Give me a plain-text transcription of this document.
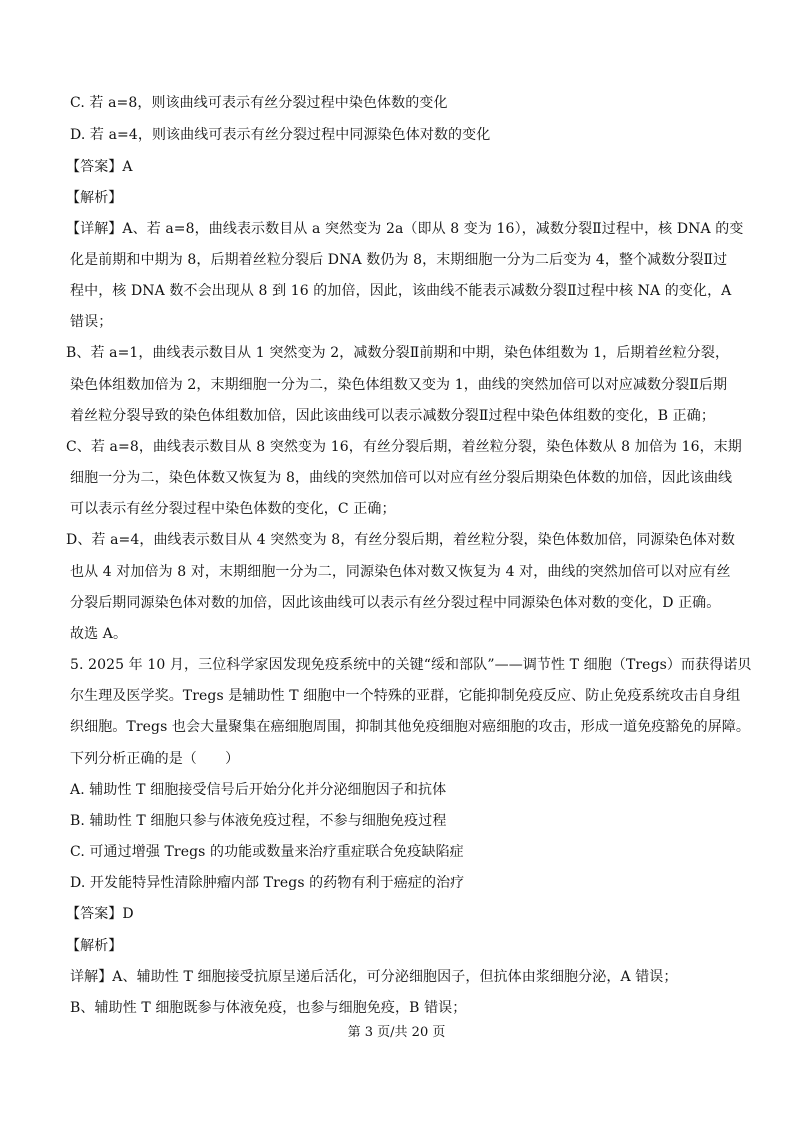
C. 若 a=8，则该曲线可表示有丝分裂过程中染色体数的变化
D. 若 a=4，则该曲线可表示有丝分裂过程中同源染色体对数的变化
【答案】A
【解析】
【详解】A、若 a=8，曲线表示数目从 a 突然变为 2a（即从 8 变为 16），减数分裂Ⅱ过程中，核 DNA 的变
化是前期和中期为 8，后期着丝粒分裂后 DNA 数仍为 8，末期细胞一分为二后变为 4，整个减数分裂Ⅱ过
程中，核 DNA 数不会出现从 8 到 16 的加倍，因此，该曲线不能表示减数分裂Ⅱ过程中核 NA 的变化，A
错误；
B、若 a=1，曲线表示数目从 1 突然变为 2，减数分裂Ⅱ前期和中期，染色体组数为 1，后期着丝粒分裂，
染色体组数加倍为 2，末期细胞一分为二，染色体组数又变为 1，曲线的突然加倍可以对应减数分裂Ⅱ后期
着丝粒分裂导致的染色体组数加倍，因此该曲线可以表示减数分裂Ⅱ过程中染色体组数的变化，B 正确；
C、若 a=8，曲线表示数目从 8 突然变为 16，有丝分裂后期，着丝粒分裂，染色体数从 8 加倍为 16，末期
细胞一分为二，染色体数又恢复为 8，曲线的突然加倍可以对应有丝分裂后期染色体数的加倍，因此该曲线
可以表示有丝分裂过程中染色体数的变化，C 正确；
D、若 a=4，曲线表示数目从 4 突然变为 8，有丝分裂后期，着丝粒分裂，染色体数加倍，同源染色体对数
也从 4 对加倍为 8 对，末期细胞一分为二，同源染色体对数又恢复为 4 对，曲线的突然加倍可以对应有丝
分裂后期同源染色体对数的加倍，因此该曲线可以表示有丝分裂过程中同源染色体对数的变化，D 正确。
故选 A。
5. 2025 年 10 月，三位科学家因发现免疫系统中的关键“绥和部队”——调节性 T 细胞（Tregs）而获得诺贝
尔生理及医学奖。Tregs 是辅助性 T 细胞中一个特殊的亚群，它能抑制免疫反应、防止免疫系统攻击自身组
织细胞。Tregs 也会大量聚集在癌细胞周围，抑制其他免疫细胞对癌细胞的攻击，形成一道免疫豁免的屏障。
下列分析正确的是（　　）
A. 辅助性 T 细胞接受信号后开始分化并分泌细胞因子和抗体
B. 辅助性 T 细胞只参与体液免疫过程，不参与细胞免疫过程
C. 可通过增强 Tregs 的功能或数量来治疗重症联合免疫缺陷症
D. 开发能特异性清除肿瘤内部 Tregs 的药物有利于癌症的治疗
【答案】D
【解析】
详解】A、辅助性 T 细胞接受抗原呈递后活化，可分泌细胞因子，但抗体由浆细胞分泌，A 错误；
B、辅助性 T 细胞既参与体液免疫，也参与细胞免疫，B 错误；
第 3 页/共 20 页
